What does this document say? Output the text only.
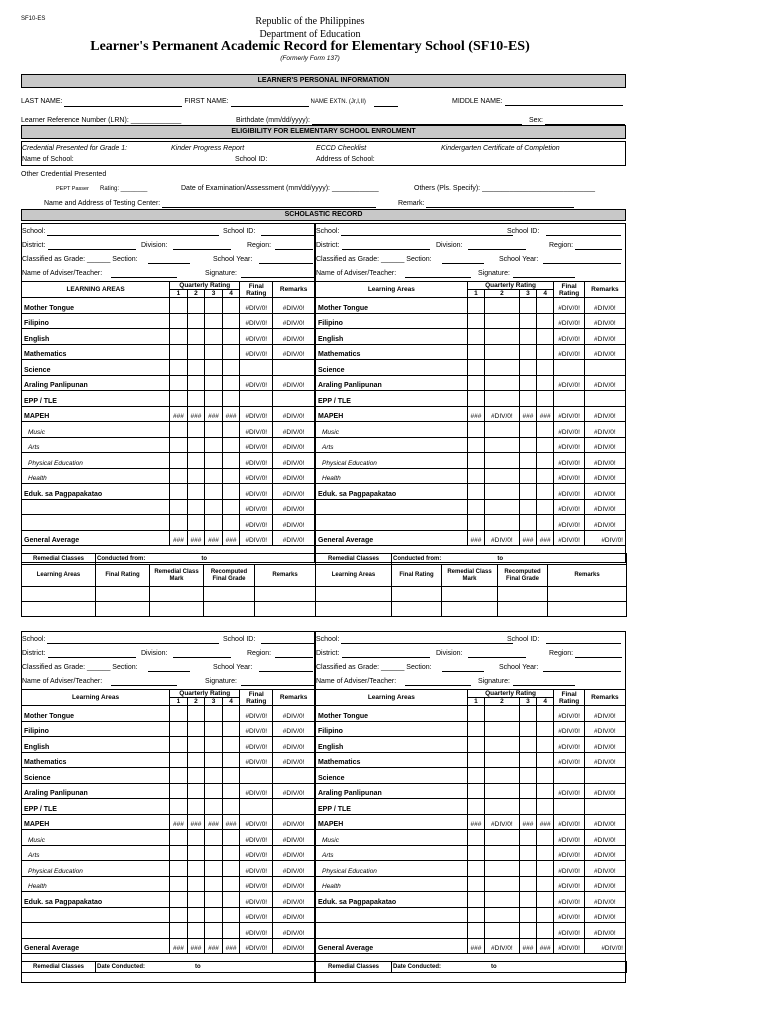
SF10-ES	Republic of the Philippines
Department of Education
Learner's Permanent Academic Record for Elementary School (SF10-ES)
(Formerly Form 137)
LEARNER'S PERSONAL INFORMATION
LAST NAME:	FIRST NAME:	NAME EXTN. (Jr,I,II)	MIDDLE NAME:
Learner Reference Number (LRN): _____________	Birthdate (mm/dd/yyyy):	Sex:
ELIGIBILITY FOR ELEMENTARY SCHOOL ENROLMENT
Credential Presented for Grade 1:	Kinder Progress Report	ECCD Checklist	Kindergarten Certificate of Completion
Name of School:	School ID:	Address of School:
Other Credential Presented
PEPT Passer Rating: ________	Date of Examination/Assessment (mm/dd/yyyy): ____________	Others (Pls. Specify): _____________________________
Name and Address of Testing Center:	Remark:
SCHOLASTIC RECORD
School:	School ID:
District:	Division:	Region:
Classified as Grade: ______ Section:	School Year:
Name of Adviser/Teacher:	Signature:
LEARNING AREAS	Quarterly Rating				Final Rating	Remarks
	1	2	3	4		
Mother Tongue					#DIV/0!	#DIV/0!
Filipino					#DIV/0!	#DIV/0!
English					#DIV/0!	#DIV/0!
Mathematics					#DIV/0!	#DIV/0!
Science						
Araling Panlipunan					#DIV/0!	#DIV/0!
EPP / TLE						
MAPEH	###	###	###	###	#DIV/0!	#DIV/0!
Music					#DIV/0!	#DIV/0!
Arts					#DIV/0!	#DIV/0!
Physical Education					#DIV/0!	#DIV/0!
Health					#DIV/0!	#DIV/0!
Eduk. sa Pagpapakatao					#DIV/0!	#DIV/0!
					#DIV/0!	#DIV/0!
					#DIV/0!	#DIV/0!
General Average	###	###	###	###	#DIV/0!	#DIV/0!
Remedial Classes	Conducted from: to			
Learning Areas	Final Rating	Remedial Class Mark	Recomputed Final Grade	Remarks

School:	School ID:
District:	Division:	Region:
Classified as Grade: ______ Section:	School Year:
Name of Adviser/Teacher:	Signature:
Learning Areas	Quarterly Rating				Final Rating	Remarks
	1	2	3	4		
Mother Tongue					#DIV/0!	#DIV/0!
Filipino					#DIV/0!	#DIV/0!
English					#DIV/0!	#DIV/0!
Mathematics					#DIV/0!	#DIV/0!
Science						
Araling Panlipunan					#DIV/0!	#DIV/0!
EPP / TLE						
MAPEH	###	#DIV/0!	###	###	#DIV/0!	#DIV/0!
Music					#DIV/0!	#DIV/0!
Arts					#DIV/0!	#DIV/0!
Physical Education					#DIV/0!	#DIV/0!
Health					#DIV/0!	#DIV/0!
Eduk. sa Pagpapakatao					#DIV/0!	#DIV/0!
					#DIV/0!	#DIV/0!
					#DIV/0!	#DIV/0!
General Average	###	#DIV/0!	###	###	#DIV/0!	#DIV/0!
Remedial Classes	Conducted from: to			
Learning Areas	Final Rating	Remedial Class Mark	Recomputed Final Grade	Remarks

School:	School ID:
District:	Division:	Region:
Classified as Grade: ______ Section:	School Year:
Name of Adviser/Teacher:	Signature:
Learning Areas	Quarterly Rating				Final Rating	Remarks
	1	2	3	4		
Mother Tongue					#DIV/0!	#DIV/0!
Filipino					#DIV/0!	#DIV/0!
English					#DIV/0!	#DIV/0!
Mathematics					#DIV/0!	#DIV/0!
Science						
Araling Panlipunan					#DIV/0!	#DIV/0!
EPP / TLE						
MAPEH	###	###	###	###	#DIV/0!	#DIV/0!
Music					#DIV/0!	#DIV/0!
Arts					#DIV/0!	#DIV/0!
Physical Education					#DIV/0!	#DIV/0!
Health					#DIV/0!	#DIV/0!
Eduk. sa Pagpapakatao					#DIV/0!	#DIV/0!
					#DIV/0!	#DIV/0!
					#DIV/0!	#DIV/0!
General Average	###	###	###	###	#DIV/0!	#DIV/0!
Remedial Classes	Date Conducted:	to
School:	School ID:
District:	Division:	Region:
Classified as Grade: ______ Section:	School Year:
Name of Adviser/Teacher:	Signature:
Learning Areas	Quarterly Rating				Final Rating	Remarks
	1	2	3	4		
Mother Tongue					#DIV/0!	#DIV/0!
Filipino					#DIV/0!	#DIV/0!
English					#DIV/0!	#DIV/0!
Mathematics					#DIV/0!	#DIV/0!
Science						
Araling Panlipunan					#DIV/0!	#DIV/0!
EPP / TLE						
MAPEH	###	#DIV/0!	###	###	#DIV/0!	#DIV/0!
Music					#DIV/0!	#DIV/0!
Arts					#DIV/0!	#DIV/0!
Physical Education					#DIV/0!	#DIV/0!
Health					#DIV/0!	#DIV/0!
Eduk. sa Pagpapakatao					#DIV/0!	#DIV/0!
					#DIV/0!	#DIV/0!
					#DIV/0!	#DIV/0!
General Average	###	#DIV/0!	###	###	#DIV/0!	#DIV/0!
Remedial Classes	Date Conducted:	to
